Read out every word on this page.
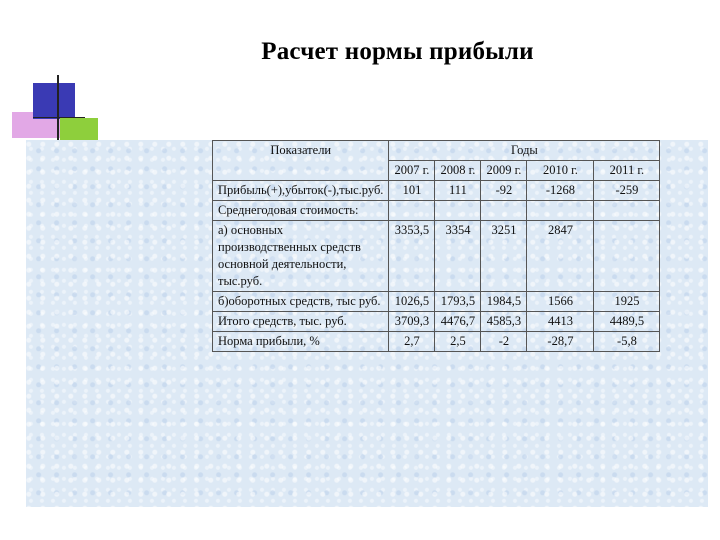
Расчет нормы прибыли
Показатели	Годы				
	2007 г.	2008 г.	2009 г.	2010 г.	2011 г.
Прибыль(+),убыток(-),тыс.руб.	101	111	-92	-1268	-259
Среднегодовая стоимость:					
а) основных производственных средств основной деятельности, тыс.руб.	3353,5	3354	3251	2847	
б)оборотных средств, тыс руб.	1026,5	1793,5	1984,5	1566	1925
Итого средств, тыс. руб.	3709,3	4476,7	4585,3	4413	4489,5
Норма прибыли, %	2,7	2,5	-2	-28,7	-5,8
